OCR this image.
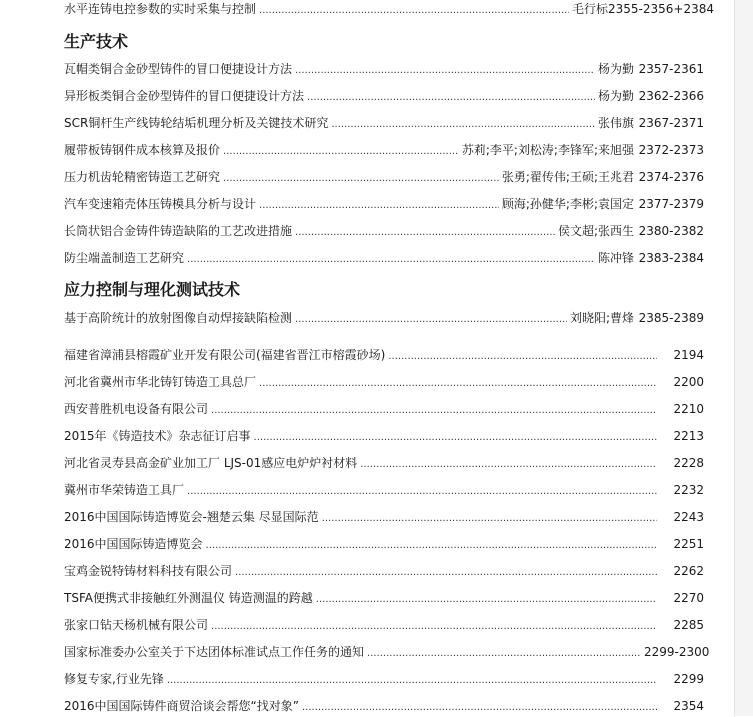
水平连铸电控参数的实时采集与控制 .....	毛行标 2355-2356+2384
生产技术
瓦帽类铜合金砂型铸件的冒口便捷设计方法 .....	杨为勤 2357-2361
异形板类铜合金砂型铸件的冒口便捷设计方法 .....	杨为勤 2362-2366
SCR铜杆生产线铸轮结垢机理分析及关键技术研究 .....	张伟旗 2367-2371
履带板铸钢件成本核算及报价 .....	苏莉;李平;刘松涛;李锋军;来旭强 2372-2373
压力机齿轮精密铸造工艺研究 .....	张勇;翟传伟;王硕;王兆君 2374-2376
汽车变速箱壳体压铸模具分析与设计 .....	顾海;孙健华;李彬;袁国定 2377-2379
长筒状铝合金铸件铸造缺陷的工艺改进措施 .....	侯文超;张西生 2380-2382
防尘端盖制造工艺研究 .....	陈冲锋 2383-2384
应力控制与理化测试技术
基于高阶统计的放射图像自动焊接缺陷检测 .....	刘晓阳;曹烽 2385-2389
福建省漳浦县榕霞矿业开发有限公司(福建省晋江市榕霞砂场) .....	2194
河北省冀州市华北铸钉铸造工具总厂 .....	2200
西安普胜机电设备有限公司 .....	2210
2015年《铸造技术》杂志征订启事 .....	2213
河北省灵寿县高金矿业加工厂 LJS-01感应电炉炉衬材料 .....	2228
冀州市华荣铸造工具厂 .....	2232
2016中国国际铸造博览会-翘楚云集 尽显国际范 .....	2243
2016中国国际铸造博览会 .....	2251
宝鸡金锐特铸材料科技有限公司 .....	2262
TSFA便携式非接触红外测温仪 铸造测温的跨越 .....	2270
张家口钻天杨机械有限公司 .....	2285
国家标准委办公室关于下达团体标准试点工作任务的通知 .....	2299-2300
修复专家,行业先锋 .....	2299
2016中国国际铸件商贸洽谈会帮您“找对象” .....	2354
